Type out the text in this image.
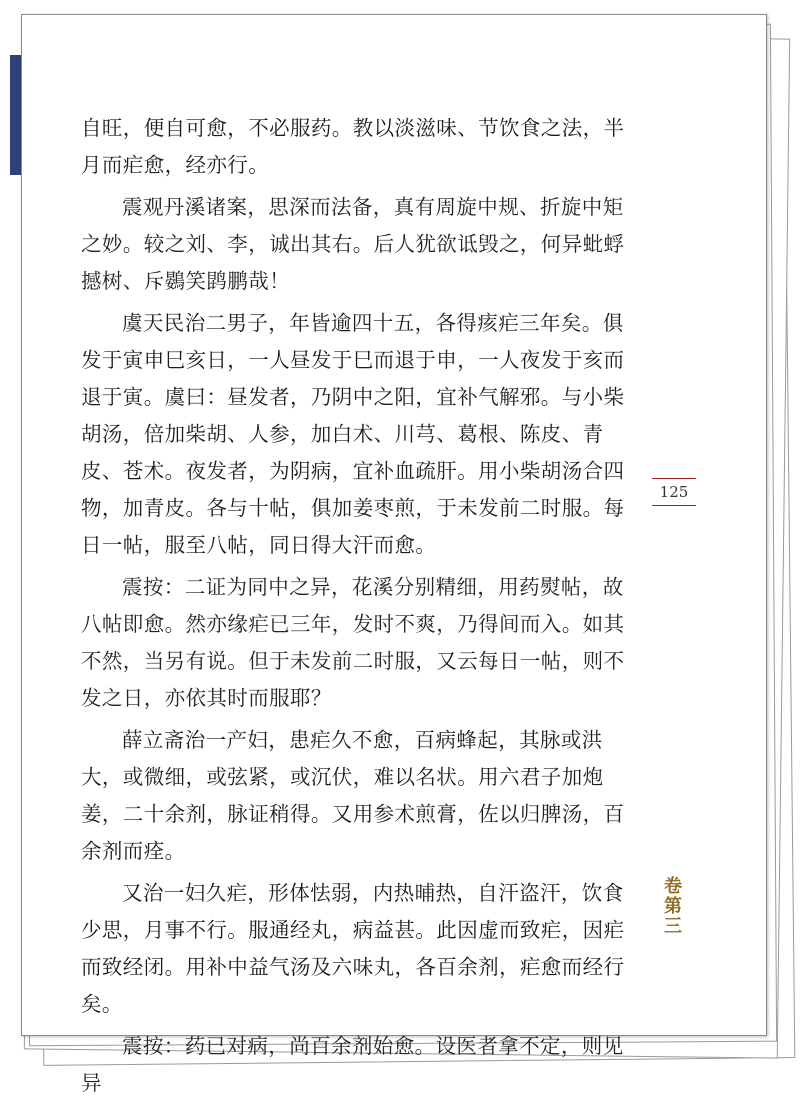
自旺，便自可愈，不必服药。教以淡滋味、节饮食之法，半月而疟愈，经亦行。

震观丹溪诸案，思深而法备，真有周旋中规、折旋中矩之妙。较之刘、李，诚出其右。后人犹欲诋毁之，何异蚍蜉撼树、斥鷃笑鹍鹏哉！

虞天民治二男子，年皆逾四十五，各得痎疟三年矣。俱发于寅申巳亥日，一人昼发于巳而退于申，一人夜发于亥而退于寅。虞曰：昼发者，乃阴中之阳，宜补气解邪。与小柴胡汤，倍加柴胡、人参，加白术、川芎、葛根、陈皮、青皮、苍术。夜发者，为阴病，宜补血疏肝。用小柴胡汤合四物，加青皮。各与十帖，俱加姜枣煎，于未发前二时服。每日一帖，服至八帖，同日得大汗而愈。

震按：二证为同中之异，花溪分别精细，用药熨帖，故八帖即愈。然亦缘疟已三年，发时不爽，乃得间而入。如其不然，当另有说。但于未发前二时服，又云每日一帖，则不发之日，亦依其时而服耶？

薛立斋治一产妇，患疟久不愈，百病蜂起，其脉或洪大，或微细，或弦紧，或沉伏，难以名状。用六君子加炮姜，二十余剂，脉证稍得。又用参术煎膏，佐以归脾汤，百余剂而痊。

又治一妇久疟，形体怯弱，内热晡热，自汗盗汗，饮食少思，月事不行。服通经丸，病益甚。此因虚而致疟，因疟而致经闭。用补中益气汤及六味丸，各百余剂，疟愈而经行矣。

震按：药已对病，尚百余剂始愈。设医者拿不定，则见异

125
卷第三
